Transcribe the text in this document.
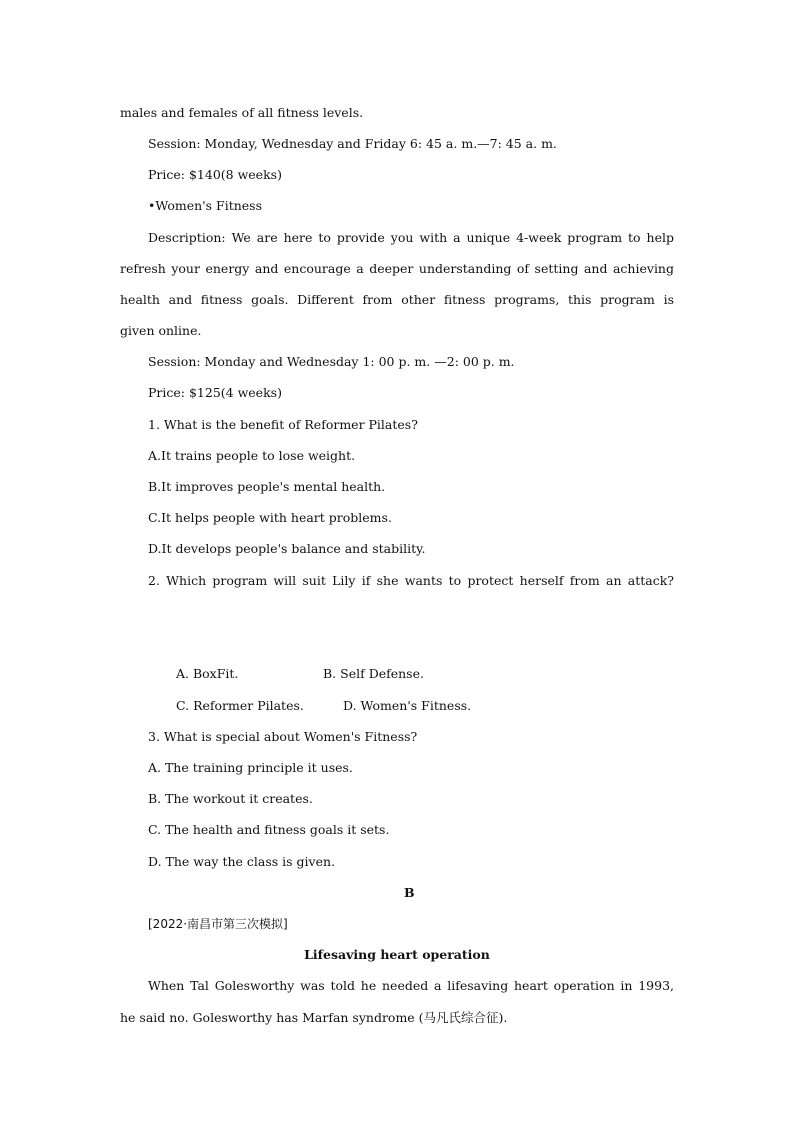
males and females of all fitness levels.
Session: Monday, Wednesday and Friday 6: 45 a. m.—7: 45 a. m.
Price: $140(8 weeks)
•Women's Fitness
Description: We are here to provide you with a unique 4-week program to help
refresh your energy and encourage a deeper understanding of setting and achieving
health and fitness goals. Different from other fitness programs, this program is
given online.
Session: Monday and Wednesday 1: 00 p. m. —2: 00 p. m.
Price: $125(4 weeks)
1. What is the benefit of Reformer Pilates?
A.It trains people to lose weight.
B.It improves people's mental health.
C.It helps people with heart problems.
D.It develops people's balance and stability.
2. Which program will suit Lily if she wants to protect herself from an attack?
A. BoxFit.	B. Self Defense.
C. Reformer Pilates.	D. Women's Fitness.
3. What is special about Women's Fitness?
A. The training principle it uses.
B. The workout it creates.
C. The health and fitness goals it sets.
D. The way the class is given.
B
[2022·南昌市第三次模拟]
Lifesaving heart operation
When Tal Golesworthy was told he needed a lifesaving heart operation in 1993,
he said no. Golesworthy has Marfan syndrome (马凡氏综合征).
